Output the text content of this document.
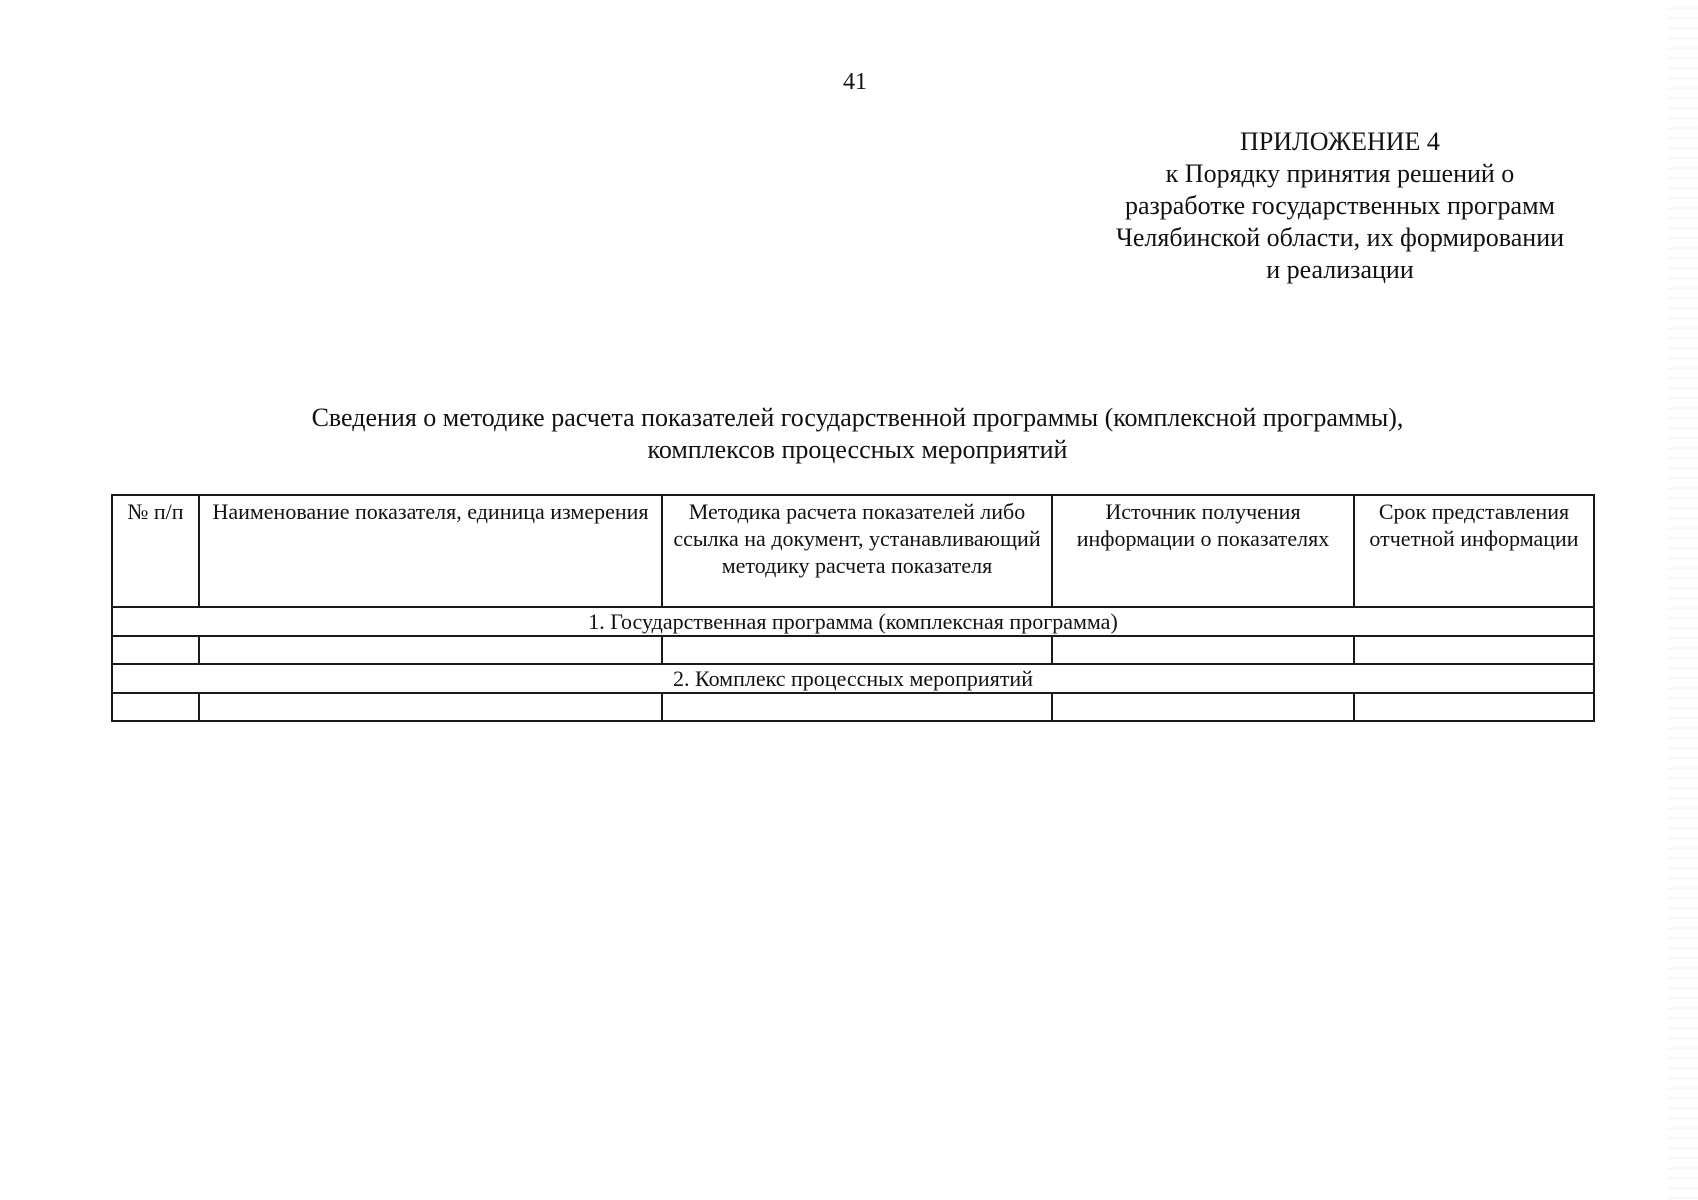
41
ПРИЛОЖЕНИЕ 4
к Порядку принятия решений о
разработке государственных программ
Челябинской области, их формировании
и реализации
Сведения о методике расчета показателей государственной программы (комплексной программы),
комплексов процессных мероприятий
№ п/п	Наименование показателя, единица измерения	Методика расчета показателей либо ссылка на документ, устанавливающий методику расчета показателя	Источник получения информации о показателях	Срок представления отчетной информации
1. Государственная программа (комплексная программа)				

2. Комплекс процессных мероприятий				
